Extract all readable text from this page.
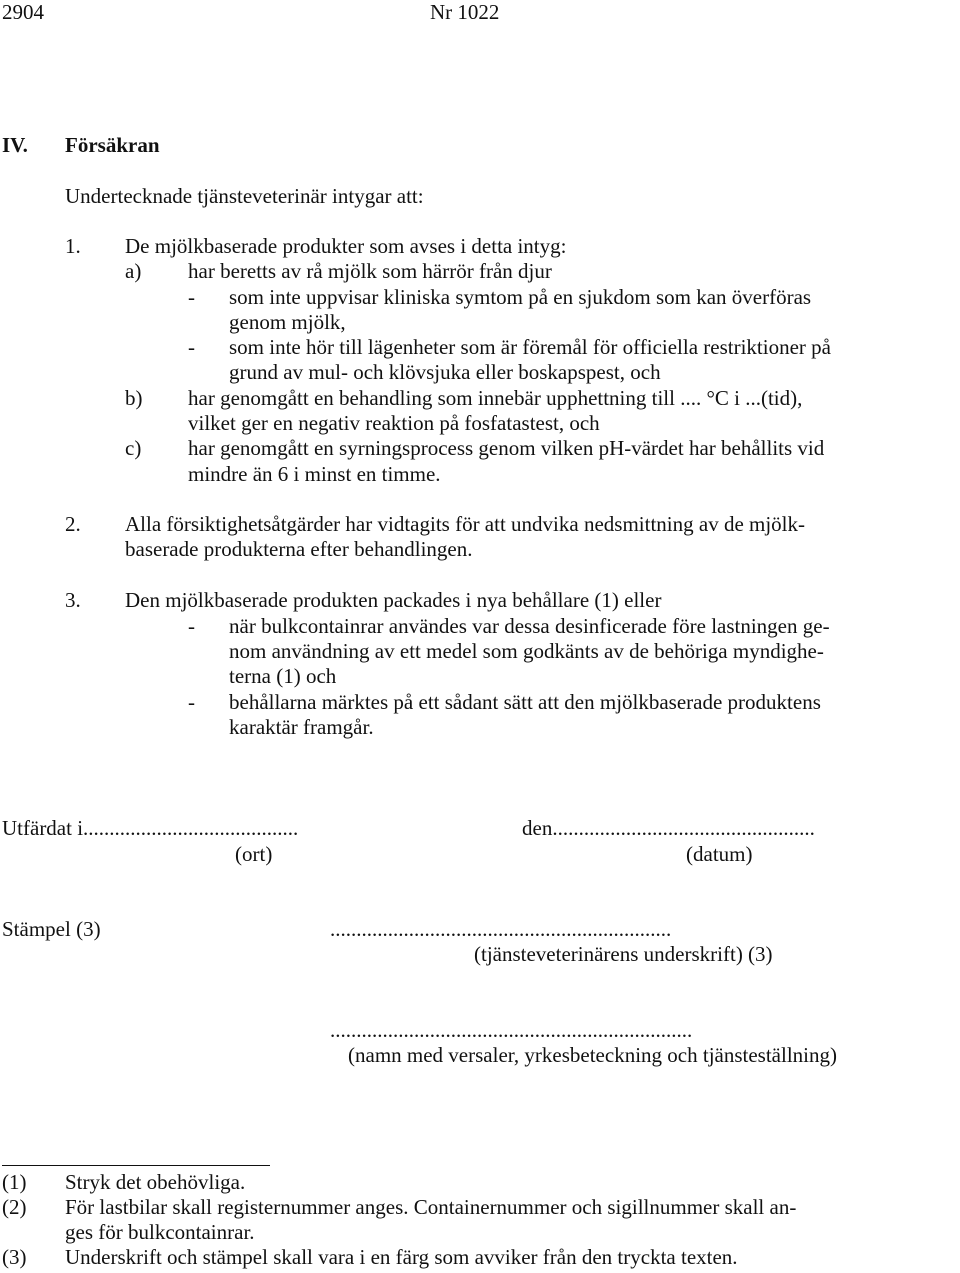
2904	Nr 1022
IV. Försäkran
Undertecknade tjänsteveterinär intygar att:
1. De mjölkbaserade produkter som avses i detta intyg:
a) har beretts av rå mjölk som härrör från djur
- som inte uppvisar kliniska symtom på en sjukdom som kan överföras
genom mjölk,
- som inte hör till lägenheter som är föremål för officiella restriktioner på
grund av mul- och klövsjuka eller boskapspest, och
b) har genomgått en behandling som innebär upphettning till .... °C i ...(tid),
vilket ger en negativ reaktion på fosfatastest, och
c) har genomgått en syrningsprocess genom vilken pH-värdet har behållits vid
mindre än 6 i minst en timme.
2. Alla försiktighetsåtgärder har vidtagits för att undvika nedsmittning av de mjölk-
baserade produkterna efter behandlingen.
3. Den mjölkbaserade produkten packades i nya behållare (1) eller
- när bulkcontainrar användes var dessa desinficerade före lastningen ge-
nom användning av ett medel som godkänts av de behöriga myndighe-
terna (1) och
- behållarna märktes på ett sådant sätt att den mjölkbaserade produktens
karaktär framgår.
Utfärdat i.........................................
(ort)
den..................................................
(datum)
Stämpel (3)	.................................................................
(tjänsteveterinärens underskrift) (3)
.....................................................................
(namn med versaler, yrkesbeteckning och tjänsteställning)
(1) Stryk det obehövliga.
(2) För lastbilar skall registernummer anges. Containernummer och sigillnummer skall an-
ges för bulkcontainrar.
(3) Underskrift och stämpel skall vara i en färg som avviker från den tryckta texten.
